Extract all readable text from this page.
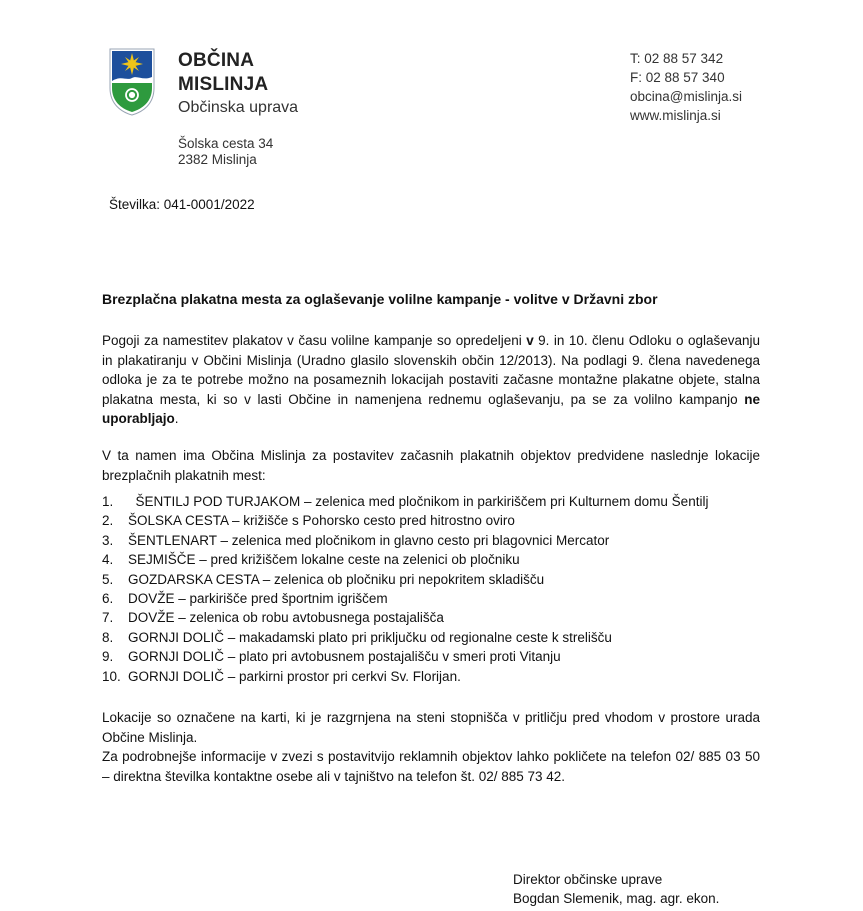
OBČINA
MISLINJA
Občinska uprava
Šolska cesta 34
2382 Mislinja
T: 02 88 57 342
F: 02 88 57 340
obcina@mislinja.si
www.mislinja.si
Številka: 041-0001/2022
Brezplačna plakatna mesta za oglaševanje volilne kampanje - volitve v Državni zbor
Pogoji za namestitev plakatov v času volilne kampanje so opredeljeni v 9. in 10. členu Odloku o oglaševanju in plakatiranju v Občini Mislinja (Uradno glasilo slovenskih občin 12/2013). Na podlagi 9. člena navedenega odloka je za te potrebe možno na posameznih lokacijah postaviti začasne montažne plakatne objete, stalna plakatna mesta, ki so v lasti Občine in namenjena rednemu oglaševanju, pa se za volilno kampanjo ne uporabljajo.
V ta namen ima Občina Mislinja za postavitev začasnih plakatnih objektov predvidene naslednje lokacije brezplačnih plakatnih mest:
1.	ŠENTILJ POD TURJAKOM – zelenica med pločnikom in parkiriščem pri Kulturnem domu Šentilj
2.	ŠOLSKA CESTA – križišče s Pohorsko cesto pred hitrostno oviro
3.	ŠENTLENART – zelenica med pločnikom in glavno cesto pri blagovnici Mercator
4.	SEJMIŠČE – pred križiščem lokalne ceste na zelenici ob pločniku
5.	GOZDARSKA CESTA – zelenica ob pločniku pri nepokritem skladišču
6.	DOVŽE – parkirišče pred športnim igriščem
7.	DOVŽE – zelenica ob robu avtobusnega postajališča
8.	GORNJI DOLIČ – makadamski plato pri priključku od regionalne ceste k strelišču
9.	GORNJI DOLIČ – plato pri avtobusnem postajališču v smeri proti Vitanju
10. GORNJI DOLIČ – parkirni prostor pri cerkvi Sv. Florijan.
Lokacije so označene na karti, ki je razgrnjena na steni stopnišča v pritličju pred vhodom v prostore urada Občine Mislinja.
Za podrobnejše informacije v zvezi s postavitvijo reklamnih objektov lahko pokličete na telefon 02/ 885 03 50 – direktna številka kontaktne osebe ali v tajništvo na telefon št. 02/ 885 73 42.
Direktor občinske uprave
Bogdan Slemenik, mag. agr. ekon.
